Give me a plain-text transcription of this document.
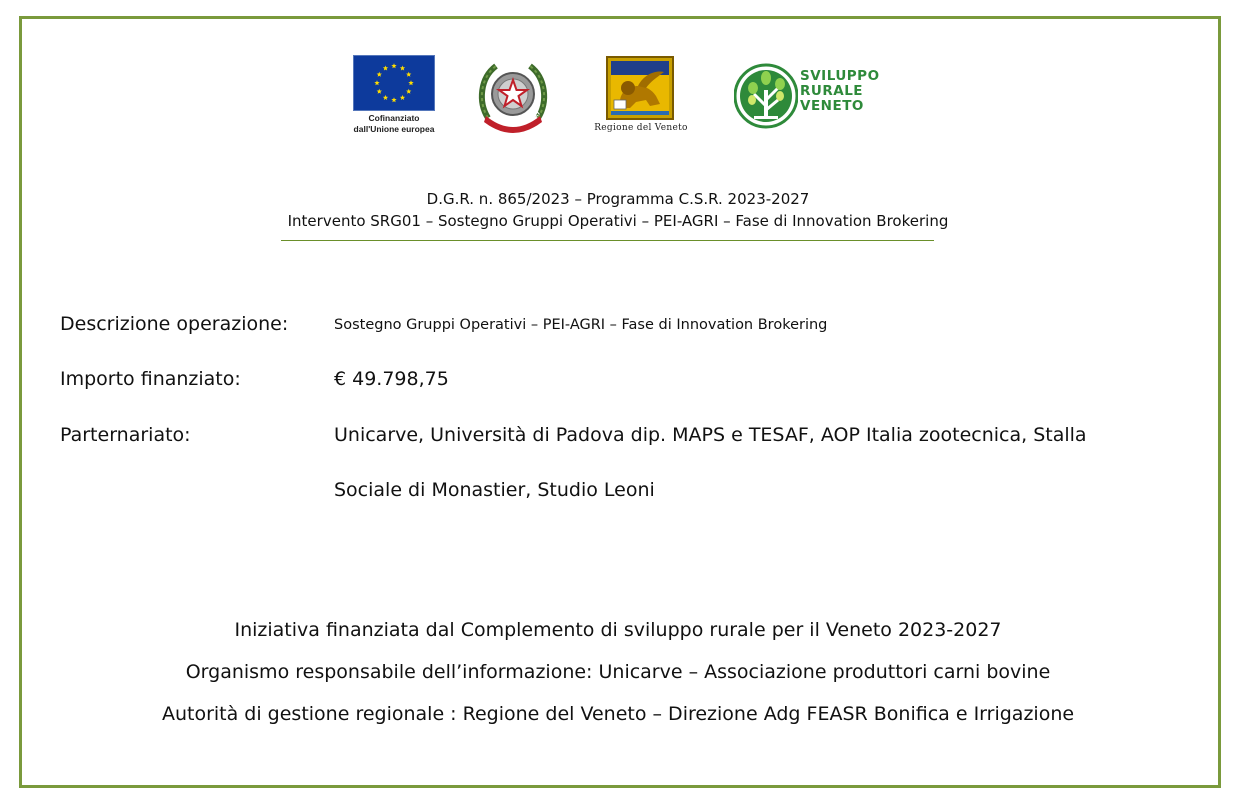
Cofinanziato
dall'Unione europea
REPUBBLICA ITALI
Regione del Veneto
SVILUPPO
RURALE
VENETO
D.G.R. n. 865/2023 – Programma C.S.R. 2023-2027
Intervento SRG01 – Sostegno Gruppi Operativi – PEI-AGRI – Fase di Innovation Brokering
Descrizione operazione:	Sostegno Gruppi Operativi – PEI-AGRI – Fase di Innovation Brokering
Importo finanziato:	€ 49.798,75
Parternariato:	Unicarve, Università di Padova dip. MAPS e TESAF, AOP Italia zootecnica, Stalla
Sociale di Monastier, Studio Leoni
Iniziativa finanziata dal Complemento di sviluppo rurale per il Veneto 2023-2027
Organismo responsabile dell’informazione: Unicarve – Associazione produttori carni bovine
Autorità di gestione regionale : Regione del Veneto – Direzione Adg FEASR Bonifica e Irrigazione
